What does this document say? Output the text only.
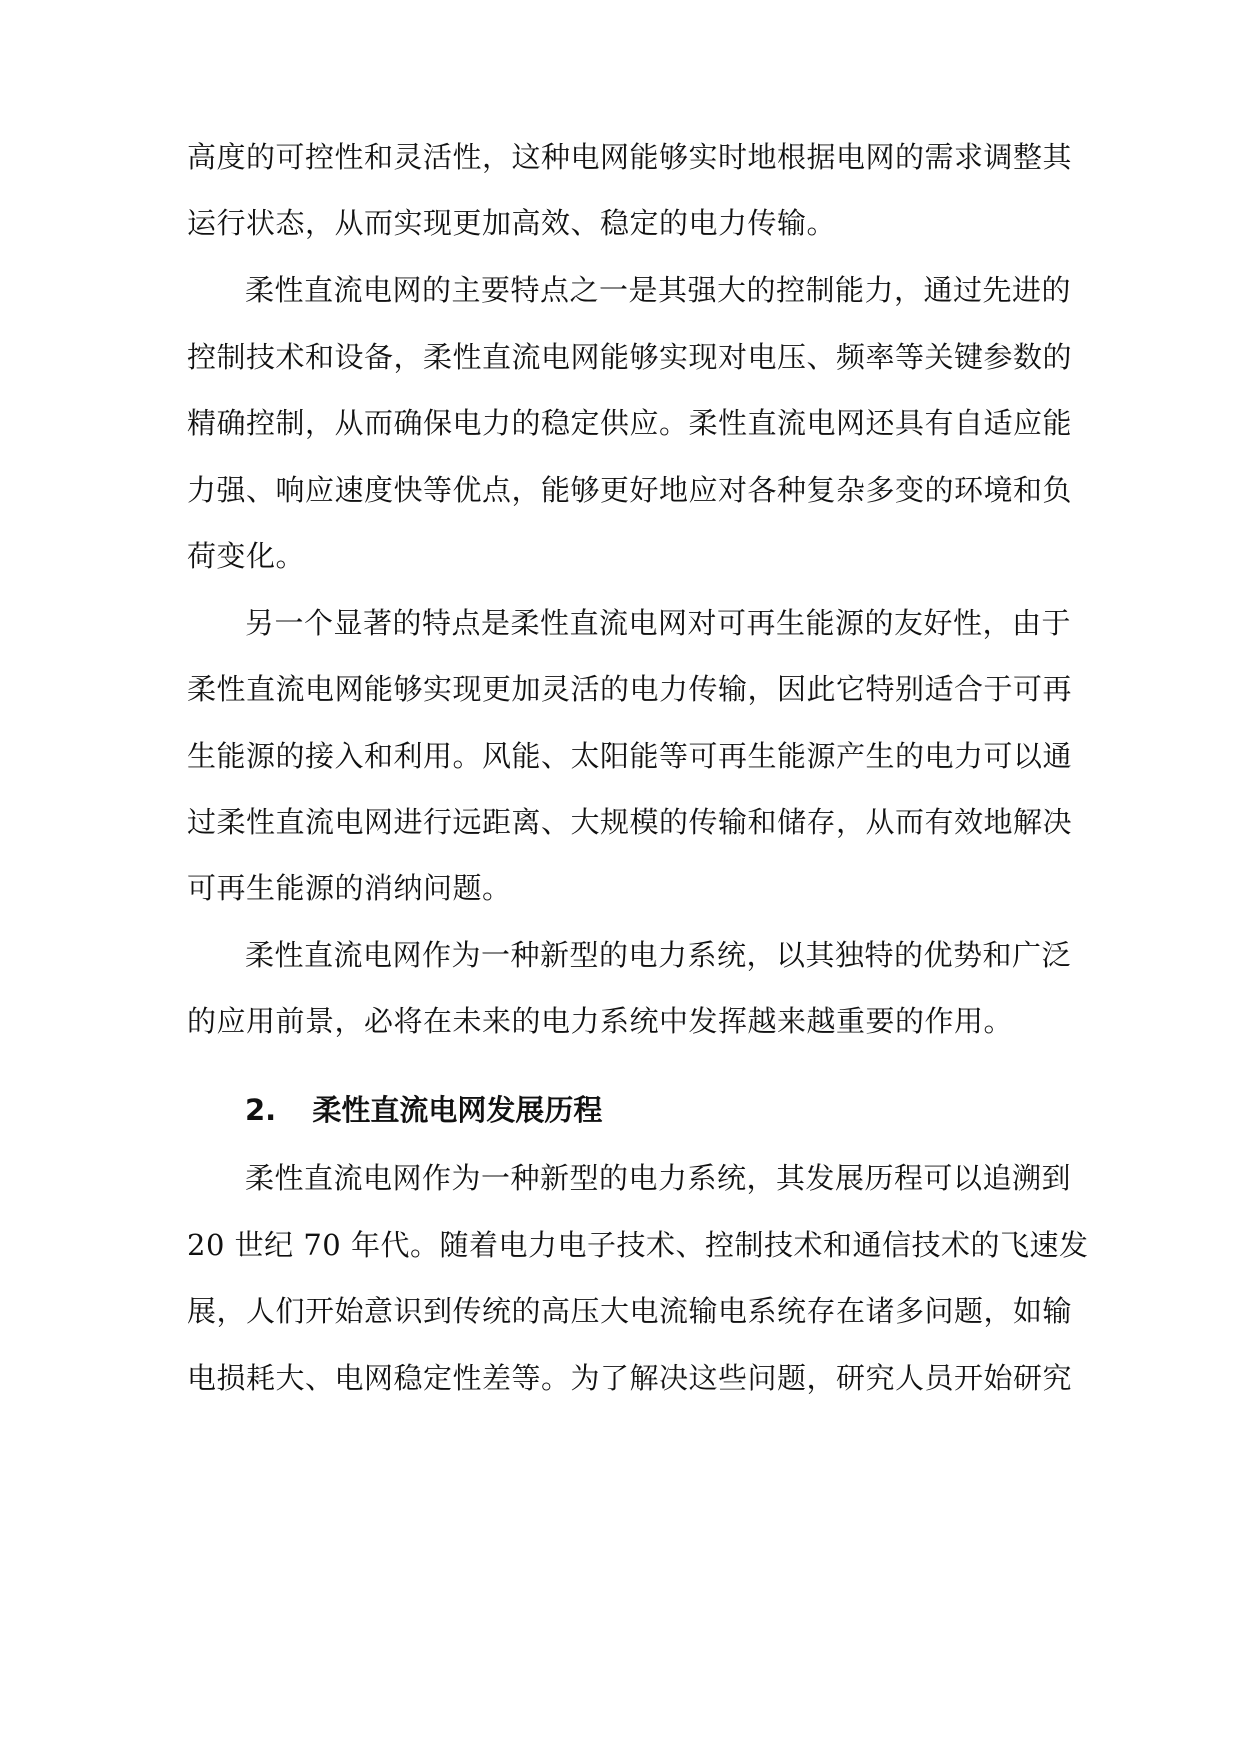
高度的可控性和灵活性，这种电网能够实时地根据电网的需求调整其
运行状态，从而实现更加高效、稳定的电力传输。
柔性直流电网的主要特点之一是其强大的控制能力，通过先进的
控制技术和设备，柔性直流电网能够实现对电压、频率等关键参数的
精确控制，从而确保电力的稳定供应。柔性直流电网还具有自适应能
力强、响应速度快等优点，能够更好地应对各种复杂多变的环境和负
荷变化。
另一个显著的特点是柔性直流电网对可再生能源的友好性，由于
柔性直流电网能够实现更加灵活的电力传输，因此它特别适合于可再
生能源的接入和利用。风能、太阳能等可再生能源产生的电力可以通
过柔性直流电网进行远距离、大规模的传输和储存，从而有效地解决
可再生能源的消纳问题。
柔性直流电网作为一种新型的电力系统，以其独特的优势和广泛
的应用前景，必将在未来的电力系统中发挥越来越重要的作用。
2. 柔性直流电网发展历程
柔性直流电网作为一种新型的电力系统，其发展历程可以追溯到
20 世纪 70 年代。随着电力电子技术、控制技术和通信技术的飞速发
展，人们开始意识到传统的高压大电流输电系统存在诸多问题，如输
电损耗大、电网稳定性差等。为了解决这些问题，研究人员开始研究
